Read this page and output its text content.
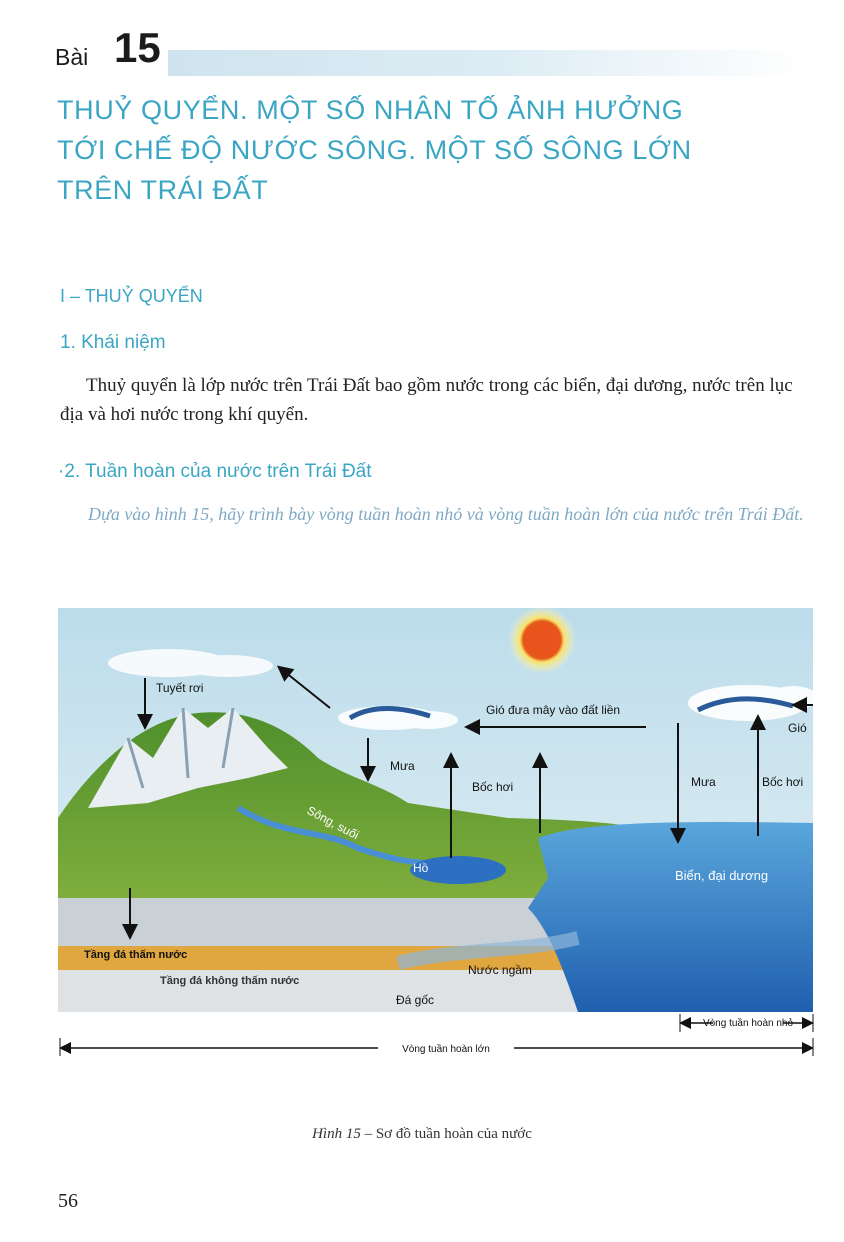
Bài 15
THUỶ QUYỂN. MỘT SỐ NHÂN TỐ ẢNH HƯỞNG
TỚI CHẾ ĐỘ NƯỚC SÔNG. MỘT SỐ SÔNG LỚN
TRÊN TRÁI ĐẤT
I – THUỶ QUYỂN
1. Khái niệm
Thuỷ quyển là lớp nước trên Trái Đất bao gồm nước trong các biển, đại dương, nước trên lục địa và hơi nước trong khí quyển.
·2. Tuần hoàn của nước trên Trái Đất
Dựa vào hình 15, hãy trình bày vòng tuần hoàn nhỏ và vòng tuần hoàn lớn của nước trên Trái Đất.
Tuyết rơi
Gió đưa mây vào đất liền
Gió
Mưa
Bốc hơi	Mưa	Bốc hơi
Sông, suối
Hồ	Biển, đại dương
Tầng đá thấm nước
Tầng đá không thấm nước
Nước ngầm
Đá gốc
Vòng tuần hoàn nhỏ
Vòng tuần hoàn lớn
Hình 15 – Sơ đồ tuần hoàn của nước
56
